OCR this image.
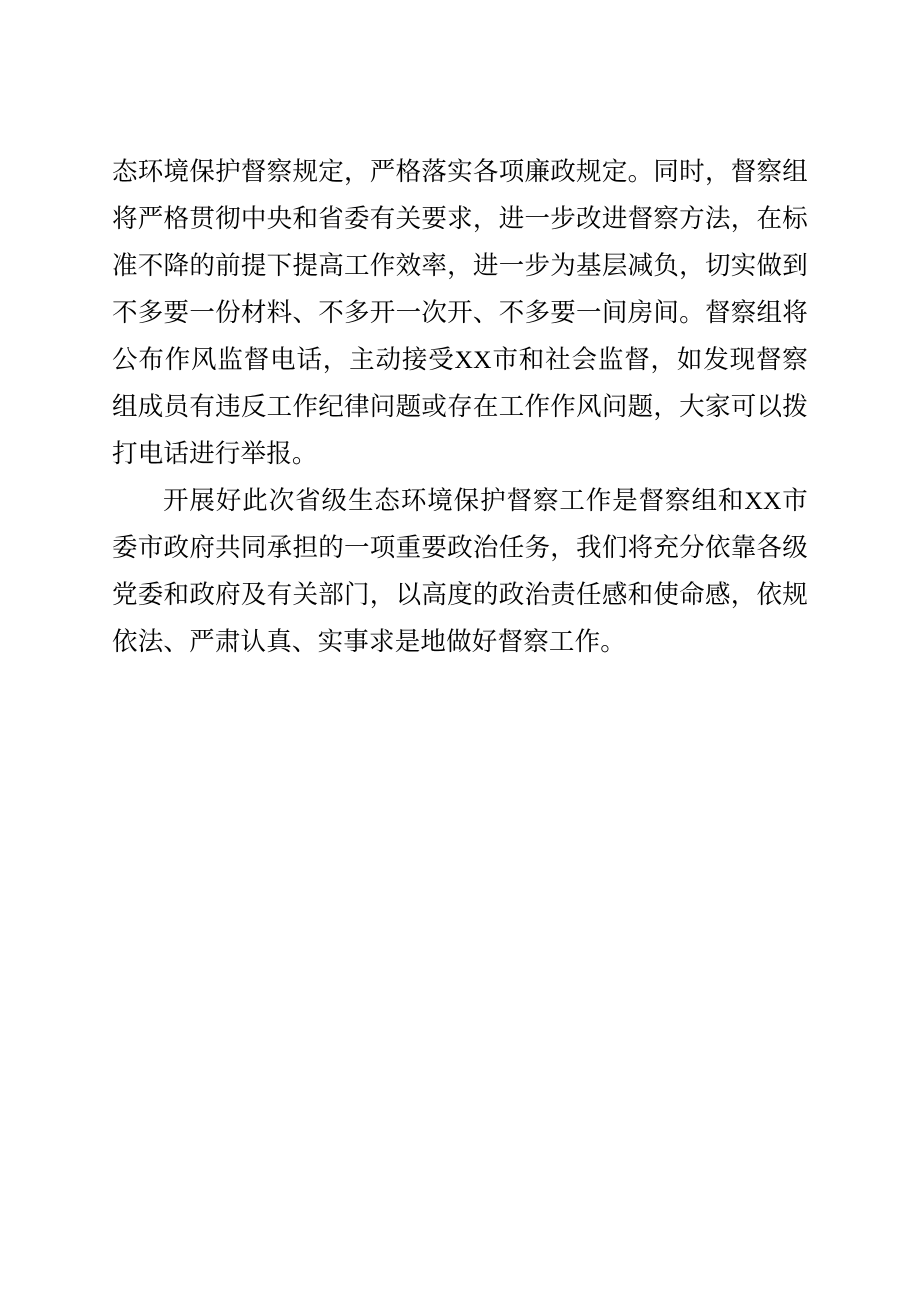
态环境保护督察规定，严格落实各项廉政规定。同时，督察组将严格贯彻中央和省委有关要求，进一步改进督察方法，在标准不降的前提下提高工作效率，进一步为基层减负，切实做到不多要一份材料、不多开一次开、不多要一间房间。督察组将公布作风监督电话，主动接受XX市和社会监督，如发现督察组成员有违反工作纪律问题或存在工作作风问题，大家可以拨打电话进行举报。

开展好此次省级生态环境保护督察工作是督察组和XX市委市政府共同承担的一项重要政治任务，我们将充分依靠各级党委和政府及有关部门，以高度的政治责任感和使命感，依规依法、严肃认真、实事求是地做好督察工作。
